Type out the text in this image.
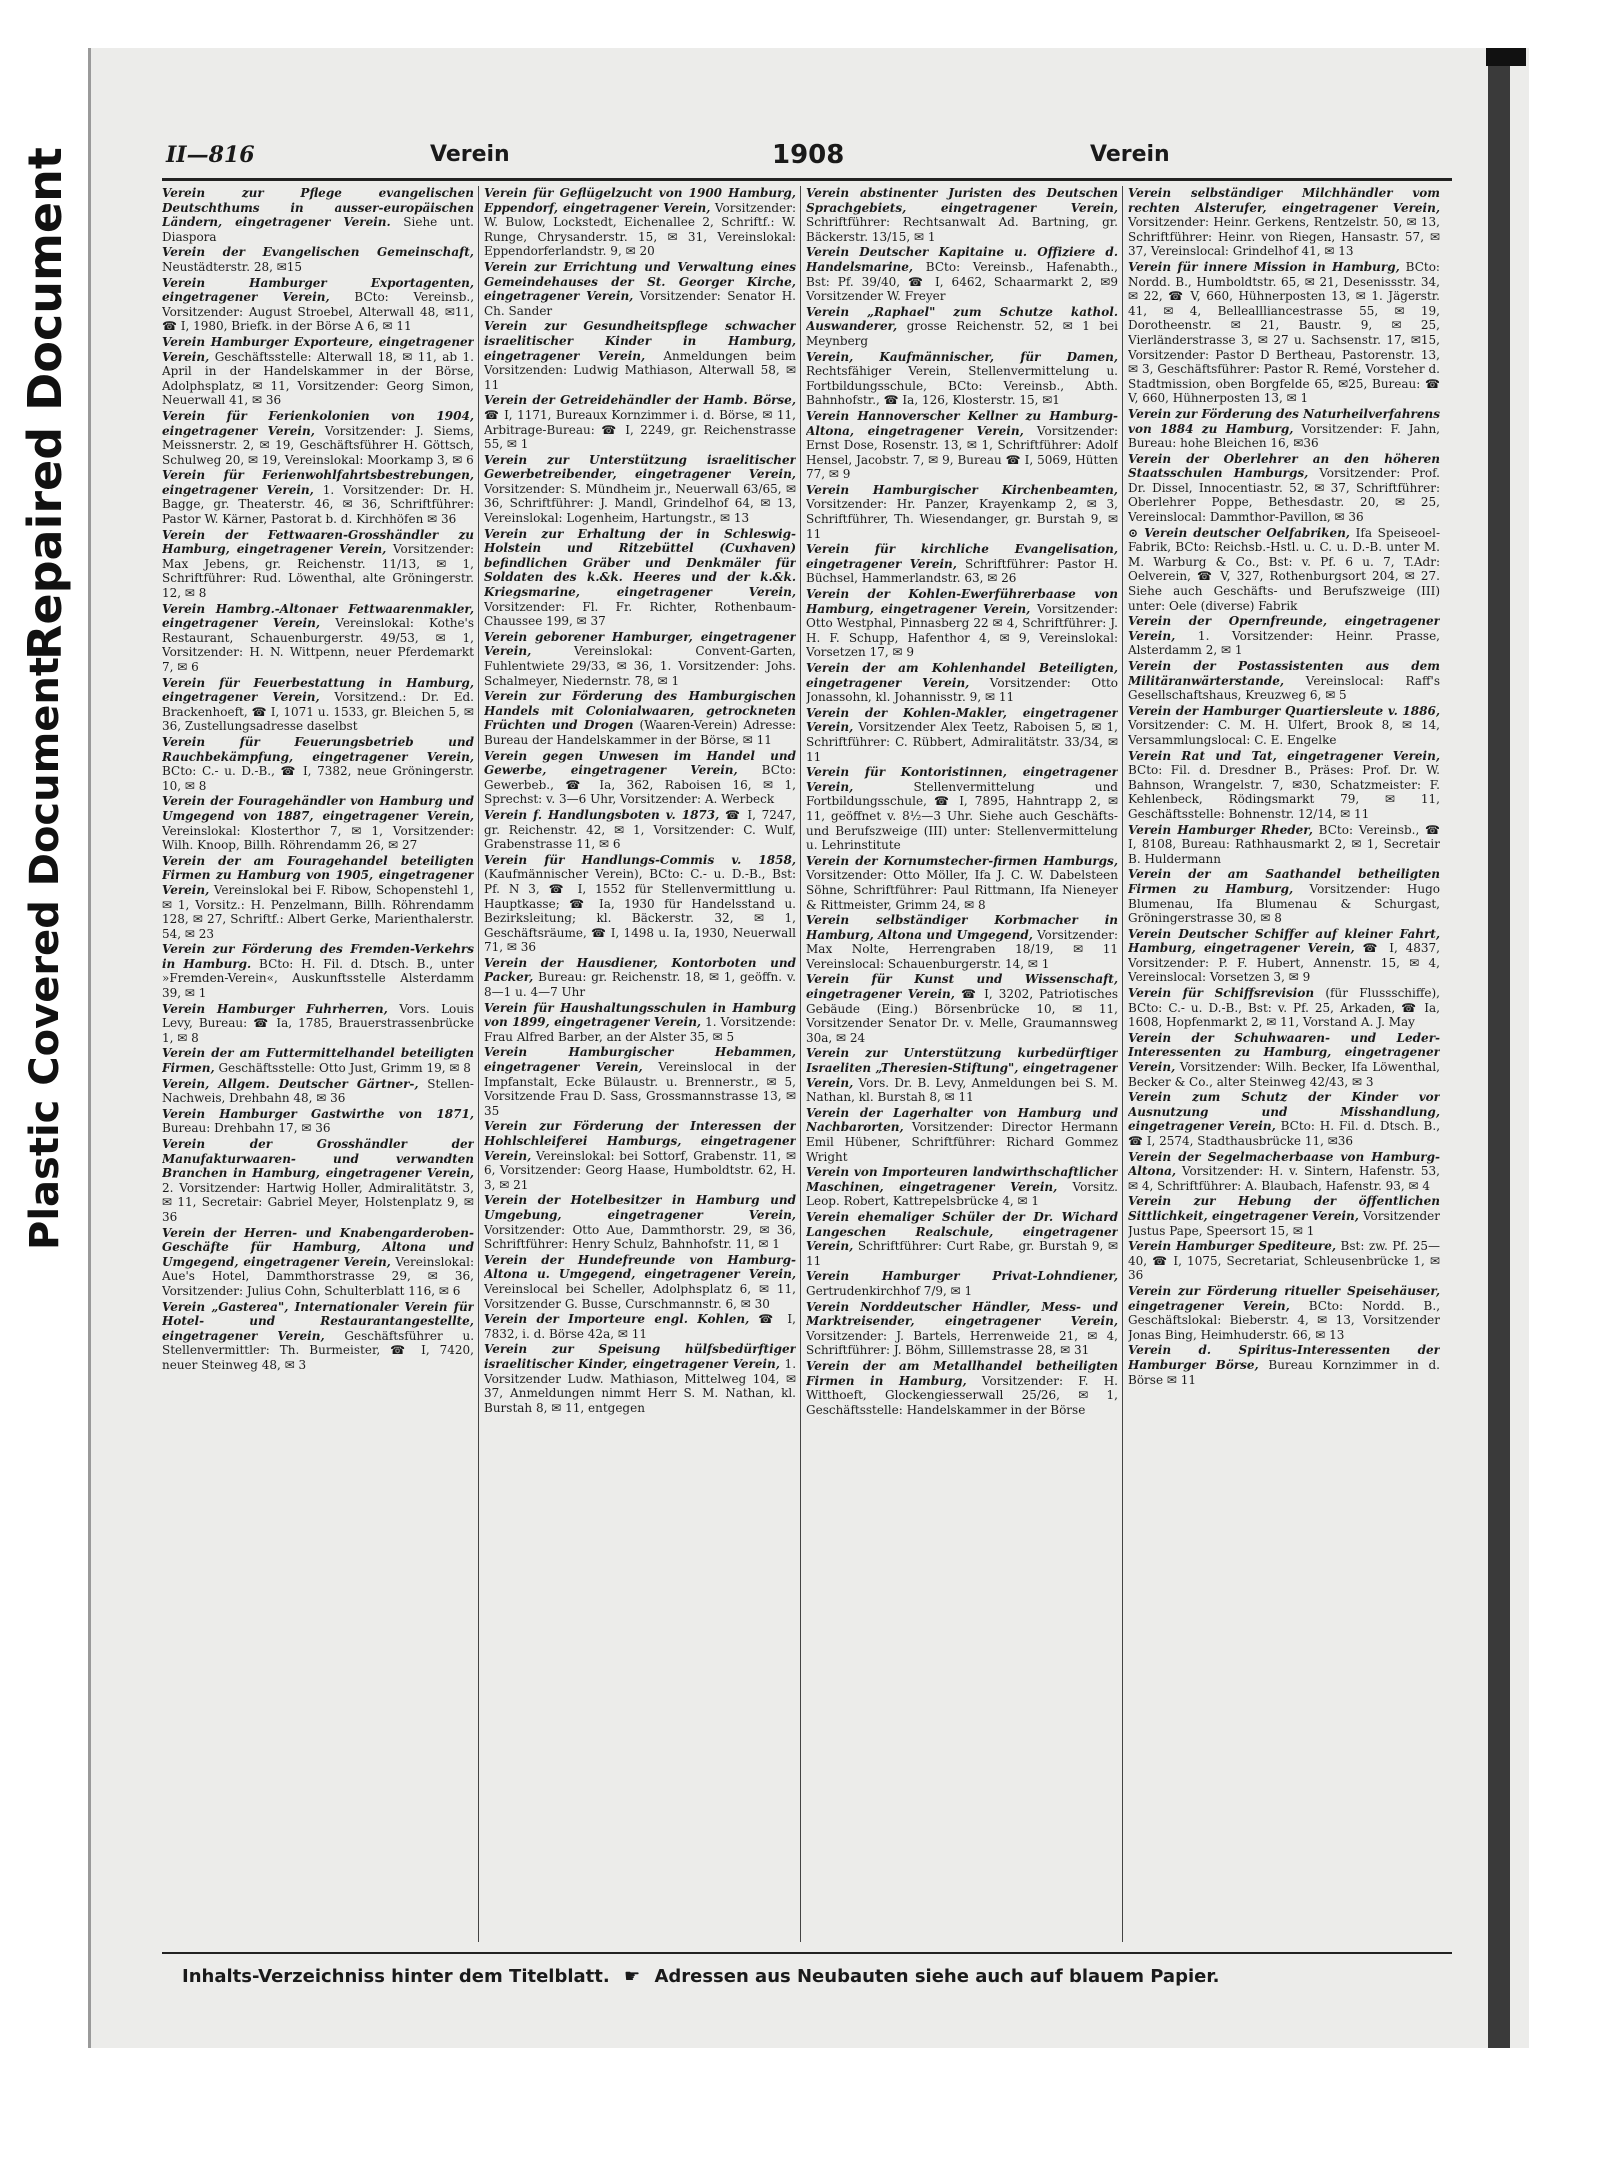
Repaired Document
Plastic Covered Document
II—816	Verein	1908	Verein

Verein zur Pflege evangelischen Deutschthums in ausser-europäischen Ländern, eingetragener Verein. Siehe unt. Diaspora

Verein der Evangelischen Gemeinschaft, Neustädterstr. 28, ✉15

Verein Hamburger Exportagenten, eingetragener Verein, BCto: Vereinsb., Vorsitzender: August Stroebel, Alterwall 48, ✉11, ☎ I, 1980, Briefk. in der Börse A 6, ✉ 11

Verein Hamburger Exporteure, eingetragener Verein, Geschäftsstelle: Alterwall 18, ✉ 11, ab 1. April in der Handelskammer in der Börse, Adolphsplatz, ✉ 11, Vorsitzender: Georg Simon, Neuerwall 41, ✉ 36

Verein für Ferienkolonien von 1904, eingetragener Verein, Vorsitzender: J. Siems, Meissnerstr. 2, ✉ 19, Geschäftsführer H. Göttsch, Schulweg 20, ✉ 19, Vereinslokal: Moorkamp 3, ✉ 6

Verein für Ferienwohlfahrtsbestrebungen, eingetragener Verein, 1. Vorsitzender: Dr. H. Bagge, gr. Theaterstr. 46, ✉ 36, Schriftführer: Pastor W. Kärner, Pastorat b. d. Kirchhöfen ✉ 36

Verein der Fettwaaren-Grosshändler zu Hamburg, eingetragener Verein, Vorsitzender: Max Jebens, gr. Reichenstr. 11/13, ✉ 1, Schriftführer: Rud. Löwenthal, alte Gröningerstr. 12, ✉ 8

Verein Hambrg.-Altonaer Fettwaarenmakler, eingetragener Verein, Vereinslokal: Kothe's Restaurant, Schauenburgerstr. 49/53, ✉ 1, Vorsitzender: H. N. Wittpenn, neuer Pferdemarkt 7, ✉ 6

Verein für Feuerbestattung in Hamburg, eingetragener Verein, Vorsitzend.: Dr. Ed. Brackenhoeft, ☎ I, 1071 u. 1533, gr. Bleichen 5, ✉ 36, Zustellungsadresse daselbst

Verein für Feuerungsbetrieb und Rauchbekämpfung, eingetragener Verein, BCto: C.- u. D.-B., ☎ I, 7382, neue Gröningerstr. 10, ✉ 8

Verein der Fouragehändler von Hamburg und Umgegend von 1887, eingetragener Verein, Vereinslokal: Klosterthor 7, ✉ 1, Vorsitzender: Wilh. Knoop, Billh. Röhrendamm 26, ✉ 27

Verein der am Fouragehandel beteiligten Firmen zu Hamburg von 1905, eingetragener Verein, Vereinslokal bei F. Ribow, Schopenstehl 1, ✉ 1, Vorsitz.: H. Penzelmann, Billh. Röhrendamm 128, ✉ 27, Schriftf.: Albert Gerke, Marienthalerstr. 54, ✉ 23

Verein zur Förderung des Fremden-Verkehrs in Hamburg. BCto: H. Fil. d. Dtsch. B., unter »Fremden-Verein«, Auskunftsstelle Alsterdamm 39, ✉ 1

Verein Hamburger Fuhrherren, Vors. Louis Levy, Bureau: ☎ Ia, 1785, Brauerstrassenbrücke 1, ✉ 8

Verein der am Futtermittelhandel beteiligten Firmen, Geschäftsstelle: Otto Just, Grimm 19, ✉ 8

Verein, Allgem. Deutscher Gärtner-, Stellen-Nachweis, Drehbahn 48, ✉ 36

Verein Hamburger Gastwirthe von 1871, Bureau: Drehbahn 17, ✉ 36

Verein der Grosshändler der Manufakturwaaren- und verwandten Branchen in Hamburg, eingetragener Verein, 2. Vorsitzender: Hartwig Holler, Admiralitätstr. 3, ✉ 11, Secretair: Gabriel Meyer, Holstenplatz 9, ✉ 36

Verein der Herren- und Knabengarderoben-Geschäfte für Hamburg, Altona und Umgegend, eingetragener Verein, Vereinslokal: Aue's Hotel, Dammthorstrasse 29, ✉ 36, Vorsitzender: Julius Cohn, Schulterblatt 116, ✉ 6

Verein „Gasterea", Internationaler Verein für Hotel- und Restaurantangestellte, eingetragener Verein, Geschäftsführer u. Stellenvermittler: Th. Burmeister, ☎ I, 7420, neuer Steinweg 48, ✉ 3

Verein für Geflügelzucht von 1900 Hamburg, Eppendorf, eingetragener Verein, Vorsitzender: W. Bulow, Lockstedt, Eichenallee 2, Schriftf.: W. Runge, Chrysanderstr. 15, ✉ 31, Vereinslokal: Eppendorferlandstr. 9, ✉ 20

Verein zur Errichtung und Verwaltung eines Gemeindehauses der St. Georger Kirche, eingetragener Verein, Vorsitzender: Senator H. Ch. Sander

Verein zur Gesundheitspflege schwacher israelitischer Kinder in Hamburg, eingetragener Verein, Anmeldungen beim Vorsitzenden: Ludwig Mathiason, Alterwall 58, ✉ 11

Verein der Getreidehändler der Hamb. Börse, ☎ I, 1171, Bureaux Kornzimmer i. d. Börse, ✉ 11, Arbitrage-Bureau: ☎ I, 2249, gr. Reichenstrasse 55, ✉ 1

Verein zur Unterstützung israelitischer Gewerbetreibender, eingetragener Verein, Vorsitzender: S. Mündheim jr., Neuerwall 63/65, ✉ 36, Schriftführer: J. Mandl, Grindelhof 64, ✉ 13, Vereinslokal: Logenheim, Hartungstr., ✉ 13

Verein zur Erhaltung der in Schleswig-Holstein und Ritzebüttel (Cuxhaven) befindlichen Gräber und Denkmäler für Soldaten des k.&k. Heeres und der k.&k. Kriegsmarine, eingetragener Verein, Vorsitzender: Fl. Fr. Richter, Rothenbaum-Chaussee 199, ✉ 37

Verein geborener Hamburger, eingetragener Verein, Vereinslokal: Convent-Garten, Fuhlentwiete 29/33, ✉ 36, 1. Vorsitzender: Johs. Schalmeyer, Niedernstr. 78, ✉ 1

Verein zur Förderung des Hamburgischen Handels mit Colonialwaaren, getrockneten Früchten und Drogen (Waaren-Verein) Adresse: Bureau der Handelskammer in der Börse, ✉ 11

Verein gegen Unwesen im Handel und Gewerbe, eingetragener Verein, BCto: Gewerbeb., ☎ Ia, 362, Raboisen 16, ✉ 1, Sprechst: v. 3—6 Uhr, Vorsitzender: A. Werbeck

Verein f. Handlungsboten v. 1873, ☎ I, 7247, gr. Reichenstr. 42, ✉ 1, Vorsitzender: C. Wulf, Grabenstrasse 11, ✉ 6

Verein für Handlungs-Commis v. 1858, (Kaufmännischer Verein), BCto: C.- u. D.-B., Bst: Pf. N 3, ☎ I, 1552 für Stellenvermittlung u. Hauptkasse; ☎ Ia, 1930 für Handelsstand u. Bezirksleitung; kl. Bäckerstr. 32, ✉ 1, Geschäftsräume, ☎ I, 1498 u. Ia, 1930, Neuerwall 71, ✉ 36

Verein der Hausdiener, Kontorboten und Packer, Bureau: gr. Reichenstr. 18, ✉ 1, geöffn. v. 8—1 u. 4—7 Uhr

Verein für Haushaltungsschulen in Hamburg von 1899, eingetragener Verein, 1. Vorsitzende: Frau Alfred Barber, an der Alster 35, ✉ 5

Verein Hamburgischer Hebammen, eingetragener Verein, Vereinslocal in der Impfanstalt, Ecke Bülaustr. u. Brennerstr., ✉ 5, Vorsitzende Frau D. Sass, Grossmannstrasse 13, ✉ 35

Verein zur Förderung der Interessen der Hohlschleiferei Hamburgs, eingetragener Verein, Vereinslokal: bei Sottorf, Grabenstr. 11, ✉ 6, Vorsitzender: Georg Haase, Humboldtstr. 62, H. 3, ✉ 21

Verein der Hotelbesitzer in Hamburg und Umgebung, eingetragener Verein, Vorsitzender: Otto Aue, Dammthorstr. 29, ✉ 36, Schriftführer: Henry Schulz, Bahnhofstr. 11, ✉ 1

Verein der Hundefreunde von Hamburg-Altona u. Umgegend, eingetragener Verein, Vereinslocal bei Scheller, Adolphsplatz 6, ✉ 11, Vorsitzender G. Busse, Curschmannstr. 6, ✉ 30

Verein der Importeure engl. Kohlen, ☎ I, 7832, i. d. Börse 42a, ✉ 11

Verein zur Speisung hülfsbedürftiger israelitischer Kinder, eingetragener Verein, 1. Vorsitzender Ludw. Mathiason, Mittelweg 104, ✉ 37, Anmeldungen nimmt Herr S. M. Nathan, kl. Burstah 8, ✉ 11, entgegen

Verein abstinenter Juristen des Deutschen Sprachgebiets, eingetragener Verein, Schriftführer: Rechtsanwalt Ad. Bartning, gr. Bäckerstr. 13/15, ✉ 1

Verein Deutscher Kapitaine u. Offiziere d. Handelsmarine, BCto: Vereinsb., Hafenabth., Bst: Pf. 39/40, ☎ I, 6462, Schaarmarkt 2, ✉9 Vorsitzender W. Freyer

Verein „Raphael" zum Schutze kathol. Auswanderer, grosse Reichenstr. 52, ✉ 1 bei Meynberg

Verein, Kaufmännischer, für Damen, Rechtsfähiger Verein, Stellenvermittelung u. Fortbildungsschule, BCto: Vereinsb., Abth. Bahnhofstr., ☎ Ia, 126, Klosterstr. 15, ✉1

Verein Hannoverscher Kellner zu Hamburg-Altona, eingetragener Verein, Vorsitzender: Ernst Dose, Rosenstr. 13, ✉ 1, Schriftführer: Adolf Hensel, Jacobstr. 7, ✉ 9, Bureau ☎ I, 5069, Hütten 77, ✉ 9

Verein Hamburgischer Kirchenbeamten, Vorsitzender: Hr. Panzer, Krayenkamp 2, ✉ 3, Schriftführer, Th. Wiesendanger, gr. Burstah 9, ✉ 11

Verein für kirchliche Evangelisation, eingetragener Verein, Schriftführer: Pastor H. Büchsel, Hammerlandstr. 63, ✉ 26

Verein der Kohlen-Ewerführerbaase von Hamburg, eingetragener Verein, Vorsitzender: Otto Westphal, Pinnasberg 22 ✉ 4, Schriftführer: J. H. F. Schupp, Hafenthor 4, ✉ 9, Vereinslokal: Vorsetzen 17, ✉ 9

Verein der am Kohlenhandel Beteiligten, eingetragener Verein, Vorsitzender: Otto Jonassohn, kl. Johannisstr. 9, ✉ 11

Verein der Kohlen-Makler, eingetragener Verein, Vorsitzender Alex Teetz, Raboisen 5, ✉ 1, Schriftführer: C. Rübbert, Admiralitätstr. 33/34, ✉ 11

Verein für Kontoristinnen, eingetragener Verein, Stellenvermittelung und Fortbildungsschule, ☎ I, 7895, Hahntrapp 2, ✉ 11, geöffnet v. 8½—3 Uhr. Siehe auch Geschäfts- und Berufszweige (III) unter: Stellenvermittelung u. Lehrinstitute

Verein der Kornumstecher-firmen Hamburgs, Vorsitzender: Otto Möller, Ifa J. C. W. Dabelsteen Söhne, Schriftführer: Paul Rittmann, Ifa Nieneyer & Rittmeister, Grimm 24, ✉ 8

Verein selbständiger Korbmacher in Hamburg, Altona und Umgegend, Vorsitzender: Max Nolte, Herrengraben 18/19, ✉ 11 Vereinslocal: Schauenburgerstr. 14, ✉ 1

Verein für Kunst und Wissenschaft, eingetragener Verein, ☎ I, 3202, Patriotisches Gebäude (Eing.) Börsenbrücke 10, ✉ 11, Vorsitzender Senator Dr. v. Melle, Graumannsweg 30a, ✉ 24

Verein zur Unterstützung kurbedürftiger Israeliten „Theresien-Stiftung", eingetragener Verein, Vors. Dr. B. Levy, Anmeldungen bei S. M. Nathan, kl. Burstah 8, ✉ 11

Verein der Lagerhalter von Hamburg und Nachbarorten, Vorsitzender: Director Hermann Emil Hübener, Schriftführer: Richard Gommez Wright

Verein von Importeuren landwirthschaftlicher Maschinen, eingetragener Verein, Vorsitz. Leop. Robert, Kattrepelsbrücke 4, ✉ 1

Verein ehemaliger Schüler der Dr. Wichard Langeschen Realschule, eingetragener Verein, Schriftführer: Curt Rabe, gr. Burstah 9, ✉ 11

Verein Hamburger Privat-Lohndiener, Gertrudenkirchhof 7/9, ✉ 1

Verein Norddeutscher Händler, Mess- und Marktreisender, eingetragener Verein, Vorsitzender: J. Bartels, Herrenweide 21, ✉ 4, Schriftführer: J. Böhm, Silllemstrasse 28, ✉ 31

Verein der am Metallhandel betheiligten Firmen in Hamburg, Vorsitzender: F. H. Witthoeft, Glockengiesserwall 25/26, ✉ 1, Geschäftsstelle: Handelskammer in der Börse

Verein selbständiger Milchhändler vom rechten Alsterufer, eingetragener Verein, Vorsitzender: Heinr. Gerkens, Rentzelstr. 50, ✉ 13, Schriftführer: Heinr. von Riegen, Hansastr. 57, ✉37, Vereinslocal: Grindelhof 41, ✉ 13

Verein für innere Mission in Hamburg, BCto: Nordd. B., Humboldtstr. 65, ✉ 21, Desenissstr. 34, ✉ 22, ☎ V, 660, Hühnerposten 13, ✉ 1. Jägerstr. 41, ✉ 4, Belleallliancestrasse 55, ✉ 19, Dorotheenstr. ✉ 21, Baustr. 9, ✉ 25, Vierländerstrasse 3, ✉ 27 u. Sachsenstr. 17, ✉15, Vorsitzender: Pastor D Bertheau, Pastorenstr. 13, ✉ 3, Geschäftsführer: Pastor R. Remé, Vorsteher d. Stadtmission, oben Borgfelde 65, ✉25, Bureau: ☎ V, 660, Hühnerposten 13, ✉ 1

Verein zur Förderung des Naturheilverfahrens von 1884 zu Hamburg, Vorsitzender: F. Jahn, Bureau: hohe Bleichen 16, ✉36

Verein der Oberlehrer an den höheren Staatsschulen Hamburgs, Vorsitzender: Prof. Dr. Dissel, Innocentiastr. 52, ✉ 37, Schriftführer: Oberlehrer Poppe, Bethesdastr. 20, ✉ 25, Vereinslocal: Dammthor-Pavillon, ✉ 36

⊙ Verein deutscher Oelfabriken, Ifa Speiseoel-Fabrik, BCto: Reichsb.-Hstl. u. C. u. D.-B. unter M. M. Warburg & Co., Bst: v. Pf. 6 u. 7, T.Adr: Oelverein, ☎ V, 327, Rothenburgsort 204, ✉ 27. Siehe auch Geschäfts- und Berufszweige (III) unter: Oele (diverse) Fabrik

Verein der Opernfreunde, eingetragener Verein, 1. Vorsitzender: Heinr. Prasse, Alsterdamm 2, ✉ 1

Verein der Postassistenten aus dem Militäranwärterstande, Vereinslocal: Raff's Gesellschaftshaus, Kreuzweg 6, ✉ 5

Verein der Hamburger Quartiersleute v. 1886, Vorsitzender: C. M. H. Ulfert, Brook 8, ✉ 14, Versammlungslocal: C. E. Engelke

Verein Rat und Tat, eingetragener Verein, BCto: Fil. d. Dresdner B., Präses: Prof. Dr. W. Bahnson, Wrangelstr. 7, ✉30, Schatzmeister: F. Kehlenbeck, Rödingsmarkt 79, ✉ 11, Geschäftsstelle: Bohnenstr. 12/14, ✉ 11

Verein Hamburger Rheder, BCto: Vereinsb., ☎ I, 8108, Bureau: Rathhausmarkt 2, ✉ 1, Secretair B. Huldermann

Verein der am Saathandel betheiligten Firmen zu Hamburg, Vorsitzender: Hugo Blumenau, Ifa Blumenau & Schurgast, Gröningerstrasse 30, ✉ 8

Verein Deutscher Schiffer auf kleiner Fahrt, Hamburg, eingetragener Verein, ☎ I, 4837, Vorsitzender: P. F. Hubert, Annenstr. 15, ✉ 4, Vereinslocal: Vorsetzen 3, ✉ 9

Verein für Schiffsrevision (für Flussschiffe), BCto: C.- u. D.-B., Bst: v. Pf. 25, Arkaden, ☎ Ia, 1608, Hopfenmarkt 2, ✉ 11, Vorstand A. J. May

Verein der Schuhwaaren- und Leder-Interessenten zu Hamburg, eingetragener Verein, Vorsitzender: Wilh. Becker, Ifa Löwenthal, Becker & Co., alter Steinweg 42/43, ✉ 3

Verein zum Schutz der Kinder vor Ausnutzung und Misshandlung, eingetragener Verein, BCto: H. Fil. d. Dtsch. B., ☎ I, 2574, Stadthausbrücke 11, ✉36

Verein der Segelmacherbaase von Hamburg-Altona, Vorsitzender: H. v. Sintern, Hafenstr. 53, ✉ 4, Schriftführer: A. Blaubach, Hafenstr. 93, ✉ 4

Verein zur Hebung der öffentlichen Sittlichkeit, eingetragener Verein, Vorsitzender Justus Pape, Speersort 15, ✉ 1

Verein Hamburger Spediteure, Bst: zw. Pf. 25—40, ☎ I, 1075, Secretariat, Schleusenbrücke 1, ✉ 36

Verein zur Förderung ritueller Speisehäuser, eingetragener Verein, BCto: Nordd. B., Geschäftslokal: Bieberstr. 4, ✉ 13, Vorsitzender Jonas Bing, Heimhuderstr. 66, ✉ 13

Verein d. Spiritus-Interessenten der Hamburger Börse, Bureau Kornzimmer in d. Börse ✉ 11

Inhalts-Verzeichniss hinter dem Titelblatt. ☛ Adressen aus Neubauten siehe auch auf blauem Papier.
